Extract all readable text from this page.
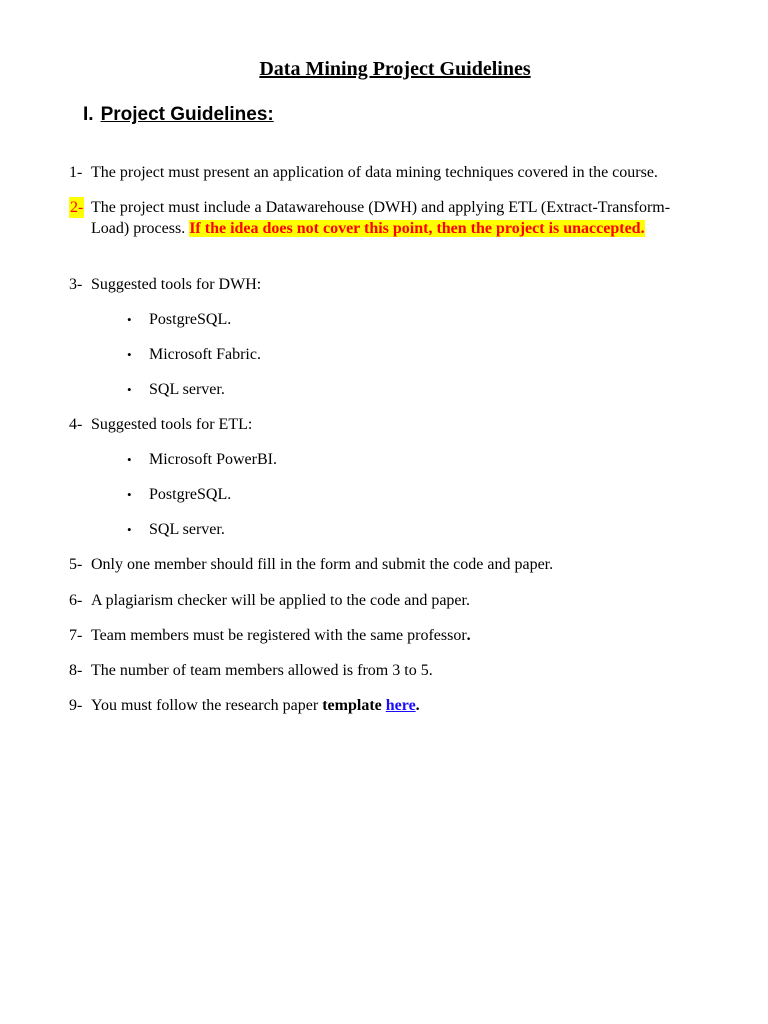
Data Mining Project Guidelines
I. Project Guidelines:
1- The project must present an application of data mining techniques covered in the course.
2- The project must include a Datawarehouse (DWH) and applying ETL (Extract-Transform-Load) process. If the idea does not cover this point, then the project is unaccepted.
3- Suggested tools for DWH:
• PostgreSQL.
• Microsoft Fabric.
• SQL server.
4- Suggested tools for ETL:
• Microsoft PowerBI.
• PostgreSQL.
• SQL server.
5- Only one member should fill in the form and submit the code and paper.
6- A plagiarism checker will be applied to the code and paper.
7- Team members must be registered with the same professor.
8- The number of team members allowed is from 3 to 5.
9- You must follow the research paper template here.
